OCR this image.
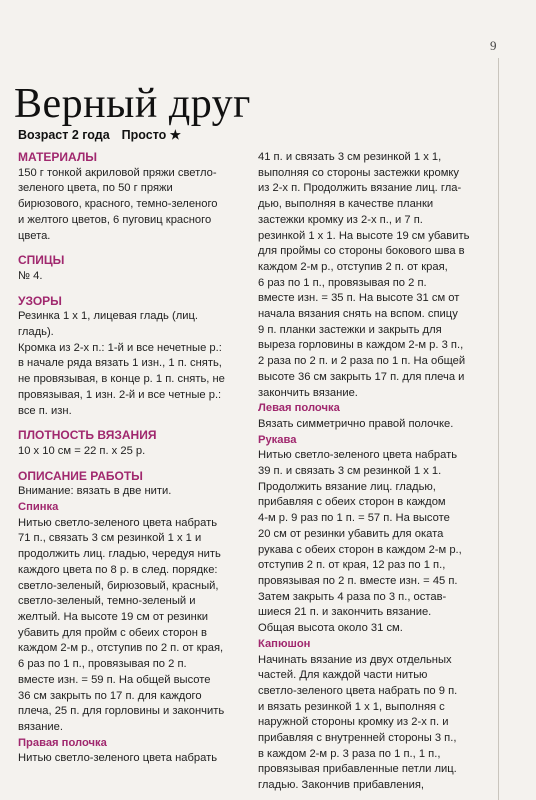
9
Верный друг
Возраст 2 года Просто ★
МАТЕРИАЛЫ
150 г тонкой акриловой пряжи светло-
зеленого цвета, по 50 г пряжи
бирюзового, красного, темно-зеленого
и желтого цветов, 6 пуговиц красного
цвета.
СПИЦЫ
№ 4.
УЗОРЫ
Резинка 1 х 1, лицевая гладь (лиц.
гладь).
Кромка из 2-х п.: 1-й и все нечетные р.:
в начале ряда вязать 1 изн., 1 п. снять,
не провязывая, в конце р. 1 п. снять, не
провязывая, 1 изн. 2-й и все четные р.:
все п. изн.
ПЛОТНОСТЬ ВЯЗАНИЯ
10 х 10 см = 22 п. х 25 р.
ОПИСАНИЕ РАБОТЫ
Внимание: вязать в две нити.
Спинка
Нитью светло-зеленого цвета набрать
71 п., связать 3 см резинкой 1 х 1 и
продолжить лиц. гладью, чередуя нить
каждого цвета по 8 р. в след. порядке:
светло-зеленый, бирюзовый, красный,
светло-зеленый, темно-зеленый и
желтый. На высоте 19 см от резинки
убавить для пройм с обеих сторон в
каждом 2-м р., отступив по 2 п. от края,
6 раз по 1 п., провязывая по 2 п.
вместе изн. = 59 п. На общей высоте
36 см закрыть по 17 п. для каждого
плеча, 25 п. для горловины и закончить
вязание.
Правая полочка
Нитью светло-зеленого цвета набрать
41 п. и связать 3 см резинкой 1 х 1,
выполняя со стороны застежки кромку
из 2-х п. Продолжить вязание лиц. гла-
дью, выполняя в качестве планки
застежки кромку из 2-х п., и 7 п.
резинкой 1 х 1. На высоте 19 см убавить
для проймы со стороны бокового шва в
каждом 2-м р., отступив 2 п. от края,
6 раз по 1 п., провязывая по 2 п.
вместе изн. = 35 п. На высоте 31 см от
начала вязания снять на вспом. спицу
9 п. планки застежки и закрыть для
выреза горловины в каждом 2-м р. 3 п.,
2 раза по 2 п. и 2 раза по 1 п. На общей
высоте 36 см закрыть 17 п. для плеча и
закончить вязание.
Левая полочка
Вязать симметрично правой полочке.
Рукава
Нитью светло-зеленого цвета набрать
39 п. и связать 3 см резинкой 1 х 1.
Продолжить вязание лиц. гладью,
прибавляя с обеих сторон в каждом
4-м р. 9 раз по 1 п. = 57 п. На высоте
20 см от резинки убавить для оката
рукава с обеих сторон в каждом 2-м р.,
отступив 2 п. от края, 12 раз по 1 п.,
провязывая по 2 п. вместе изн. = 45 п.
Затем закрыть 4 раза по 3 п., остав-
шиеся 21 п. и закончить вязание.
Общая высота около 31 см.
Капюшон
Начинать вязание из двух отдельных
частей. Для каждой части нитью
светло-зеленого цвета набрать по 9 п.
и вязать резинкой 1 х 1, выполняя с
наружной стороны кромку из 2-х п. и
прибавляя с внутренней стороны 3 п.,
в каждом 2-м р. 3 раза по 1 п., 1 п.,
провязывая прибавленные петли лиц.
гладью. Закончив прибавления,
